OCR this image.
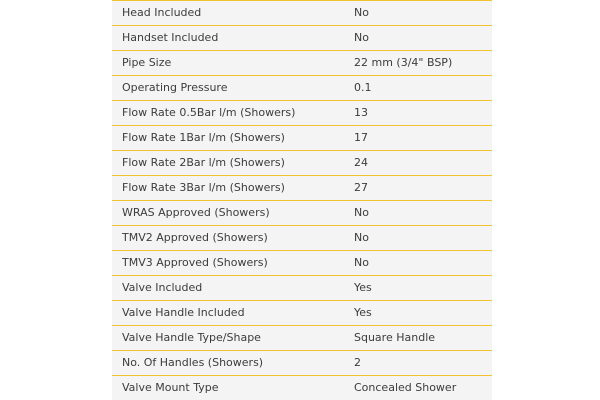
Head Included	No
Handset Included	No
Pipe Size	22 mm (3/4" BSP)
Operating Pressure	0.1
Flow Rate 0.5Bar l/m (Showers)	13
Flow Rate 1Bar l/m (Showers)	17
Flow Rate 2Bar l/m (Showers)	24
Flow Rate 3Bar l/m (Showers)	27
WRAS Approved (Showers)	No
TMV2 Approved (Showers)	No
TMV3 Approved (Showers)	No
Valve Included	Yes
Valve Handle Included	Yes
Valve Handle Type/Shape	Square Handle
No. Of Handles (Showers)	2
Valve Mount Type	Concealed Shower
